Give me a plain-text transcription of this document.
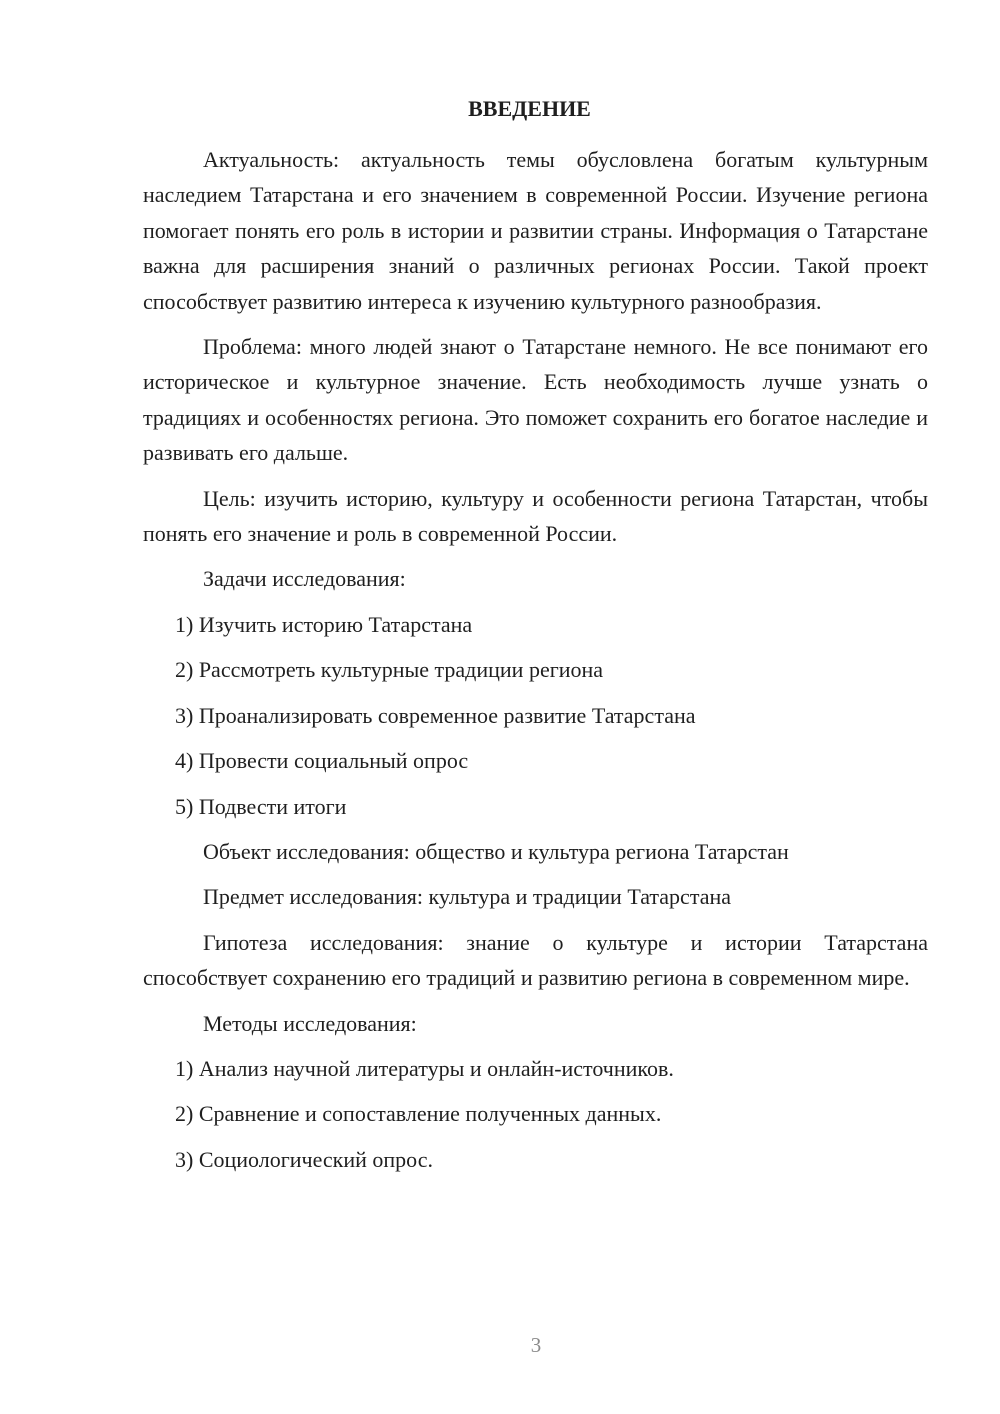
ВВЕДЕНИЕ

Актуальность: актуальность темы обусловлена богатым культурным наследием Татарстана и его значением в современной России. Изучение региона помогает понять его роль в истории и развитии страны. Информация о Татарстане важна для расширения знаний о различных регионах России. Такой проект способствует развитию интереса к изучению культурного разнообразия.

Проблема: много людей знают о Татарстане немного. Не все понимают его историческое и культурное значение. Есть необходимость лучше узнать о традициях и особенностях региона. Это поможет сохранить его богатое наследие и развивать его дальше.

Цель: изучить историю, культуру и особенности региона Татарстан, чтобы понять его значение и роль в современной России.

Задачи исследования:

1) Изучить историю Татарстана

2) Рассмотреть культурные традиции региона

3) Проанализировать современное развитие Татарстана

4) Провести социальный опрос

5) Подвести итоги

Объект исследования: общество и культура региона Татарстан

Предмет исследования: культура и традиции Татарстана

Гипотеза исследования: знание о культуре и истории Татарстана способствует сохранению его традиций и развитию региона в современном мире.

Методы исследования:

1) Анализ научной литературы и онлайн-источников.

2) Сравнение и сопоставление полученных данных.

3) Социологический опрос.

3
